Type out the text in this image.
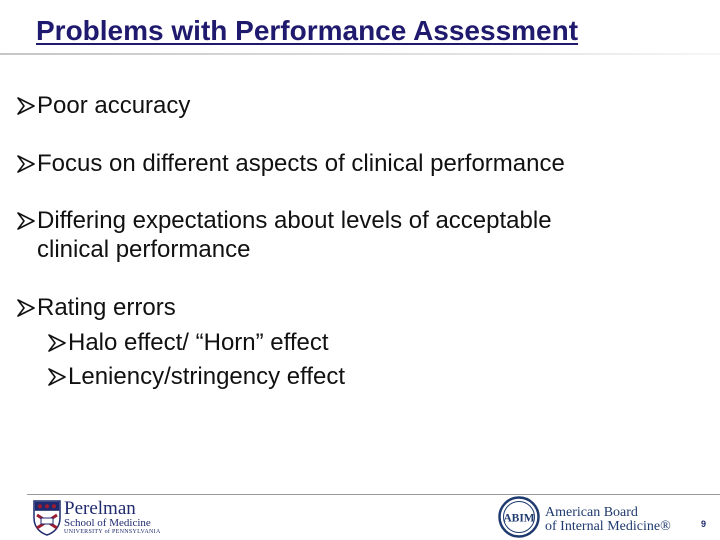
Problems with Performance Assessment
Poor accuracy
Focus on different aspects of clinical performance
Differing expectations about levels of acceptable
clinical performance
Rating errors
Halo effect/ “Horn” effect
Leniency/stringency effect
Perelman
School of Medicine
UNIVERSITY of PENNSYLVANIA
ABIM American Board
of Internal Medicine®	9
